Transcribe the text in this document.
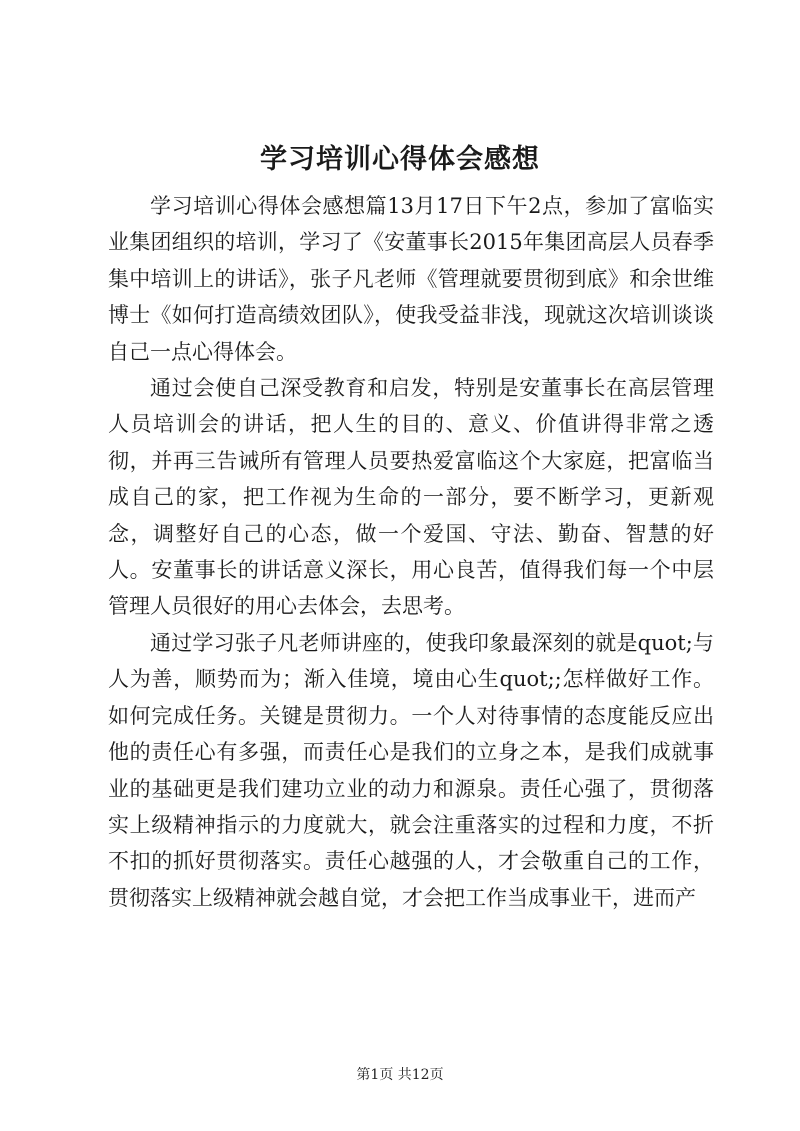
学习培训心得体会感想

学习培训心得体会感想篇13月17日下午2点，参加了富临实业集团组织的培训，学习了《安董事长2015年集团高层人员春季集中培训上的讲话》，张子凡老师《管理就要贯彻到底》和余世维博士《如何打造高绩效团队》，使我受益非浅，现就这次培训谈谈自己一点心得体会。

通过会使自己深受教育和启发，特别是安董事长在高层管理人员培训会的讲话，把人生的目的、意义、价值讲得非常之透彻，并再三告诫所有管理人员要热爱富临这个大家庭，把富临当成自己的家，把工作视为生命的一部分，要不断学习，更新观念，调整好自己的心态，做一个爱国、守法、勤奋、智慧的好人。安董事长的讲话意义深长，用心良苦，值得我们每一个中层管理人员很好的用心去体会，去思考。

通过学习张子凡老师讲座的，使我印象最深刻的就是quot;与人为善，顺势而为；渐入佳境，境由心生quot;;怎样做好工作。如何完成任务。关键是贯彻力。一个人对待事情的态度能反应出他的责任心有多强，而责任心是我们的立身之本，是我们成就事业的基础更是我们建功立业的动力和源泉。责任心强了，贯彻落实上级精神指示的力度就大，就会注重落实的过程和力度，不折不扣的抓好贯彻落实。责任心越强的人，才会敬重自己的工作，贯彻落实上级精神就会越自觉，才会把工作当成事业干，进而产

第1页 共12页
